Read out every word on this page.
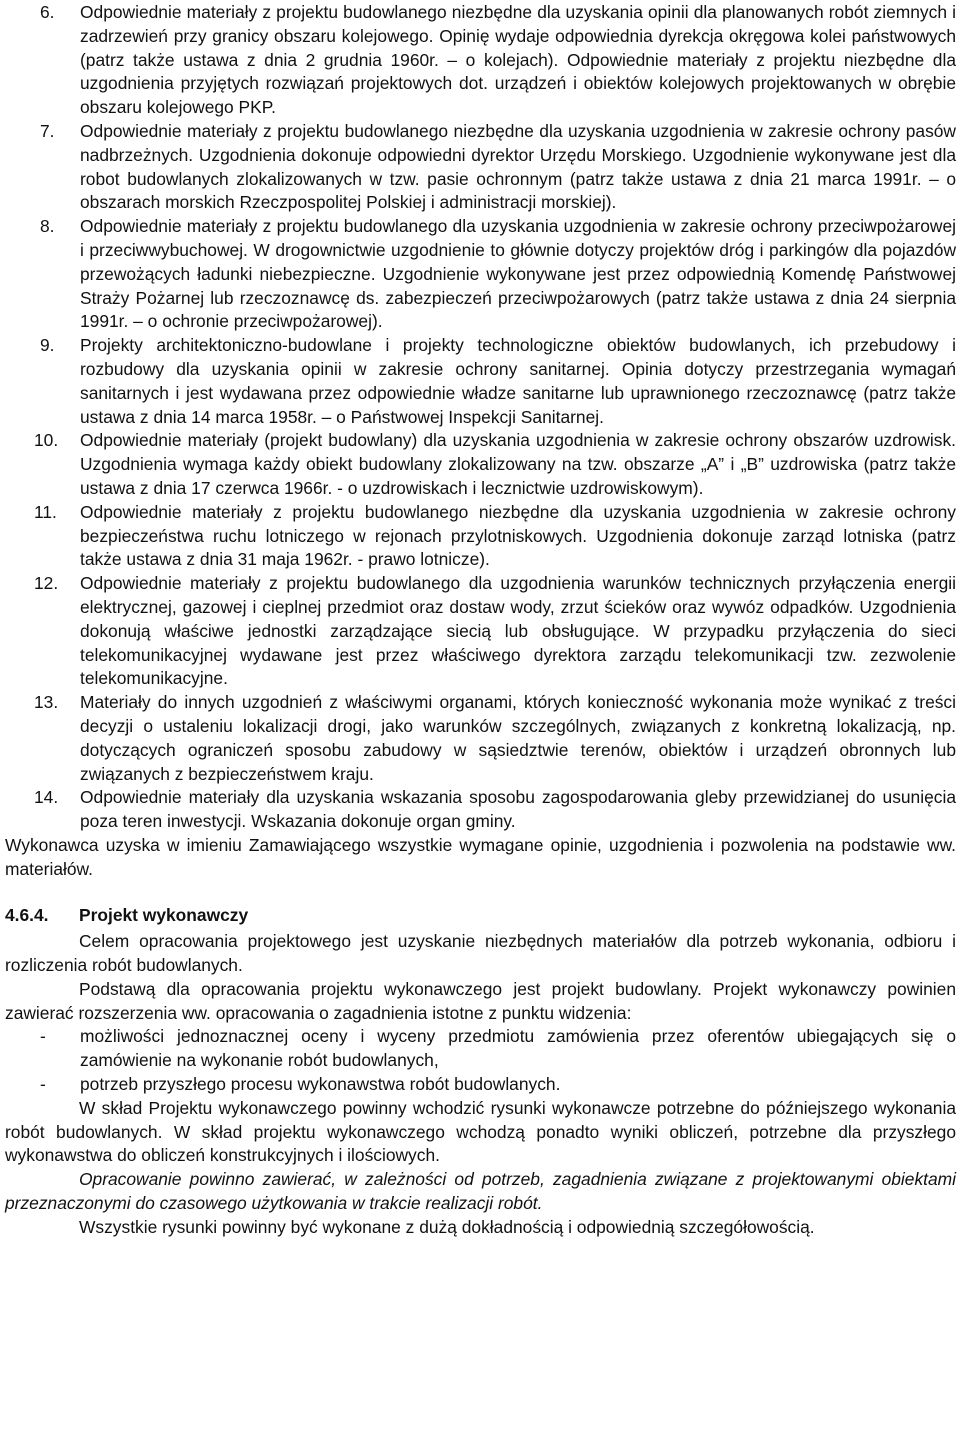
6. Odpowiednie materiały z projektu budowlanego niezbędne dla uzyskania opinii dla planowanych robót ziemnych i zadrzewień przy granicy obszaru kolejowego. Opinię wydaje odpowiednia dyrekcja okręgowa kolei państwowych (patrz także ustawa z dnia 2 grudnia 1960r. – o kolejach). Odpowiednie materiały z projektu niezbędne dla uzgodnienia przyjętych rozwiązań projektowych dot. urządzeń i obiektów kolejowych projektowanych w obrębie obszaru kolejowego PKP.
7. Odpowiednie materiały z projektu budowlanego niezbędne dla uzyskania uzgodnienia w zakresie ochrony pasów nadbrzeżnych. Uzgodnienia dokonuje odpowiedni dyrektor Urzędu Morskiego. Uzgodnienie wykonywane jest dla robot budowlanych zlokalizowanych w tzw. pasie ochronnym (patrz także ustawa z dnia 21 marca 1991r. – o obszarach morskich Rzeczpospolitej Polskiej i administracji morskiej).
8. Odpowiednie materiały z projektu budowlanego dla uzyskania uzgodnienia w zakresie ochrony przeciwpożarowej i przeciwwybuchowej. W drogownictwie uzgodnienie to głównie dotyczy projektów dróg i parkingów dla pojazdów przewożących ładunki niebezpieczne. Uzgodnienie wykonywane jest przez odpowiednią Komendę Państwowej Straży Pożarnej lub rzeczoznawcę ds. zabezpieczeń przeciwpożarowych (patrz także ustawa z dnia 24 sierpnia 1991r. – o ochronie przeciwpożarowej).
9. Projekty architektoniczno-budowlane i projekty technologiczne obiektów budowlanych, ich przebudowy i rozbudowy dla uzyskania opinii w zakresie ochrony sanitarnej. Opinia dotyczy przestrzegania wymagań sanitarnych i jest wydawana przez odpowiednie władze sanitarne lub uprawnionego rzeczoznawcę (patrz także ustawa z dnia 14 marca 1958r. – o Państwowej Inspekcji Sanitarnej.
10. Odpowiednie materiały (projekt budowlany) dla uzyskania uzgodnienia w zakresie ochrony obszarów uzdrowisk. Uzgodnienia wymaga każdy obiekt budowlany zlokalizowany na tzw. obszarze „A” i „B” uzdrowiska (patrz także ustawa z dnia 17 czerwca 1966r. - o uzdrowiskach i lecznictwie uzdrowiskowym).
11. Odpowiednie materiały z projektu budowlanego niezbędne dla uzyskania uzgodnienia w zakresie ochrony bezpieczeństwa ruchu lotniczego w rejonach przylotniskowych. Uzgodnienia dokonuje zarząd lotniska (patrz także ustawa z dnia 31 maja 1962r. - prawo lotnicze).
12. Odpowiednie materiały z projektu budowlanego dla uzgodnienia warunków technicznych przyłączenia energii elektrycznej, gazowej i cieplnej przedmiot oraz dostaw wody, zrzut ścieków oraz wywóz odpadków. Uzgodnienia dokonują właściwe jednostki zarządzające siecią lub obsługujące. W przypadku przyłączenia do sieci telekomunikacyjnej wydawane jest przez właściwego dyrektora zarządu telekomunikacji tzw. zezwolenie telekomunikacyjne.
13. Materiały do innych uzgodnień z właściwymi organami, których konieczność wykonania może wynikać z treści decyzji o ustaleniu lokalizacji drogi, jako warunków szczególnych, związanych z konkretną lokalizacją, np. dotyczących ograniczeń sposobu zabudowy w sąsiedztwie terenów, obiektów i urządzeń obronnych lub związanych z bezpieczeństwem kraju.
14. Odpowiednie materiały dla uzyskania wskazania sposobu zagospodarowania gleby przewidzianej do usunięcia poza teren inwestycji. Wskazania dokonuje organ gminy.

Wykonawca uzyska w imieniu Zamawiającego wszystkie wymagane opinie, uzgodnienia i pozwolenia na podstawie ww. materiałów.

4.6.4. Projekt wykonawczy

Celem opracowania projektowego jest uzyskanie niezbędnych materiałów dla potrzeb wykonania, odbioru i rozliczenia robót budowlanych.

Podstawą dla opracowania projektu wykonawczego jest projekt budowlany. Projekt wykonawczy powinien zawierać rozszerzenia ww. opracowania o zagadnienia istotne z punktu widzenia:

- możliwości jednoznacznej oceny i wyceny przedmiotu zamówienia przez oferentów ubiegających się o zamówienie na wykonanie robót budowlanych,
- potrzeb przyszłego procesu wykonawstwa robót budowlanych.

W skład Projektu wykonawczego powinny wchodzić rysunki wykonawcze potrzebne do późniejszego wykonania robót budowlanych. W skład projektu wykonawczego wchodzą ponadto wyniki obliczeń, potrzebne dla przyszłego wykonawstwa do obliczeń konstrukcyjnych i ilościowych.

Opracowanie powinno zawierać, w zależności od potrzeb, zagadnienia związane z projektowanymi obiektami przeznaczonymi do czasowego użytkowania w trakcie realizacji robót.

Wszystkie rysunki powinny być wykonane z dużą dokładnością i odpowiednią szczegółowością.
